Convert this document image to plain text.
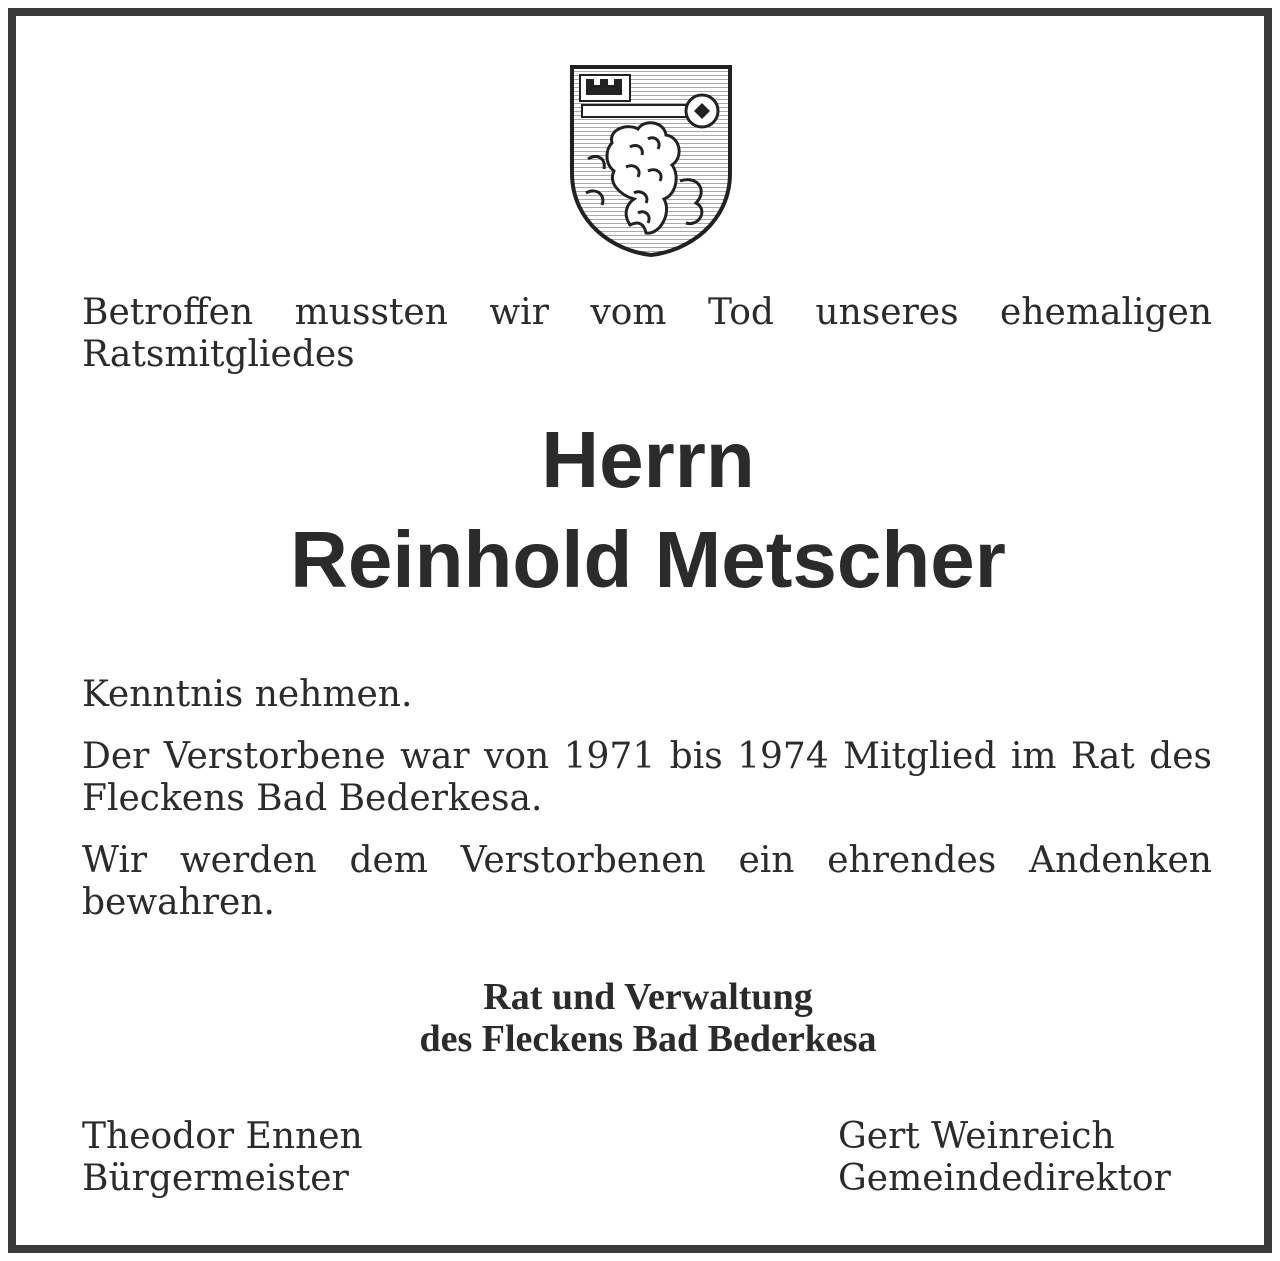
Betroffen mussten wir vom Tod unseres ehemaligen Ratsmitgliedes

Herrn

Reinhold Metscher

Kenntnis nehmen.

Der Verstorbene war von 1971 bis 1974 Mitglied im Rat des Fleckens Bad Bederkesa.

Wir werden dem Verstorbenen ein ehrendes Andenken bewahren.

Rat und Verwaltung

des Fleckens Bad Bederkesa

Theodor Ennen

Bürgermeister

Gert Weinreich

Gemeindedirektor
